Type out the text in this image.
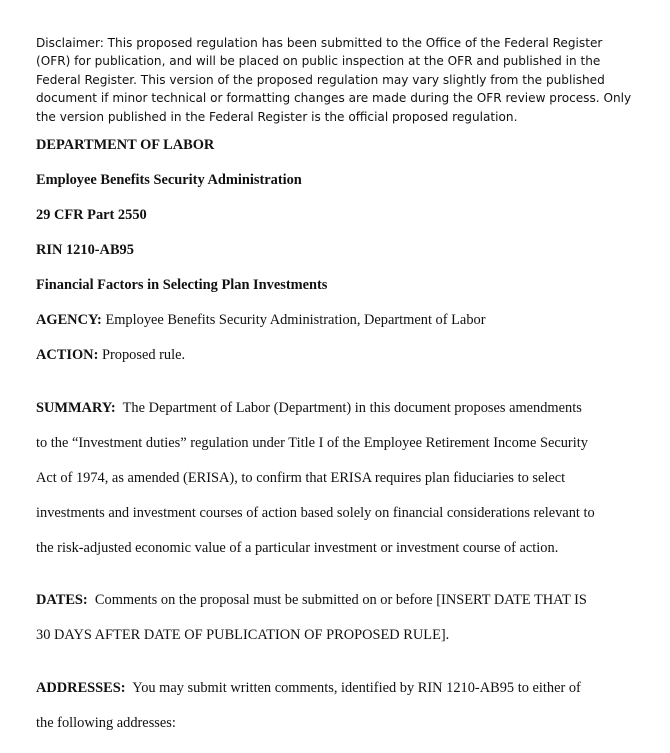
Disclaimer: This proposed regulation has been submitted to the Office of the Federal Register (OFR) for publication, and will be placed on public inspection at the OFR and published in the Federal Register. This version of the proposed regulation may vary slightly from the published document if minor technical or formatting changes are made during the OFR review process. Only the version published in the Federal Register is the official proposed regulation.

DEPARTMENT OF LABOR

Employee Benefits Security Administration

29 CFR Part 2550

RIN 1210-AB95

Financial Factors in Selecting Plan Investments

AGENCY: Employee Benefits Security Administration, Department of Labor

ACTION: Proposed rule.

SUMMARY:  The Department of Labor (Department) in this document proposes amendments

to the “Investment duties” regulation under Title I of the Employee Retirement Income Security

Act of 1974, as amended (ERISA), to confirm that ERISA requires plan fiduciaries to select

investments and investment courses of action based solely on financial considerations relevant to

the risk-adjusted economic value of a particular investment or investment course of action.

DATES:  Comments on the proposal must be submitted on or before [INSERT DATE THAT IS

30 DAYS AFTER DATE OF PUBLICATION OF PROPOSED RULE].

ADDRESSES:  You may submit written comments, identified by RIN 1210-AB95 to either of

the following addresses:
